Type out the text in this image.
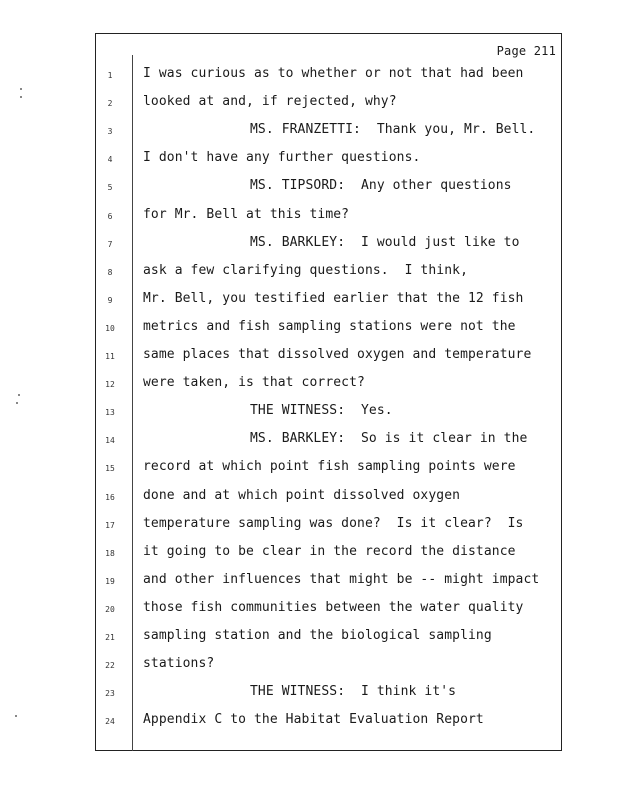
Page 211
1	I was curious as to whether or not that had been
2	looked at and, if rejected, why?
3	MS. FRANZETTI:  Thank you, Mr. Bell.
4	I don't have any further questions.
5	MS. TIPSORD:  Any other questions
6	for Mr. Bell at this time?
7	MS. BARKLEY:  I would just like to
8	ask a few clarifying questions.  I think,
9	Mr. Bell, you testified earlier that the 12 fish
10	metrics and fish sampling stations were not the
11	same places that dissolved oxygen and temperature
12	were taken, is that correct?
13	THE WITNESS:  Yes.
14	MS. BARKLEY:  So is it clear in the
15	record at which point fish sampling points were
16	done and at which point dissolved oxygen
17	temperature sampling was done?  Is it clear?  Is
18	it going to be clear in the record the distance
19	and other influences that might be -- might impact
20	those fish communities between the water quality
21	sampling station and the biological sampling
22	stations?
23	THE WITNESS:  I think it's
24	Appendix C to the Habitat Evaluation Report
